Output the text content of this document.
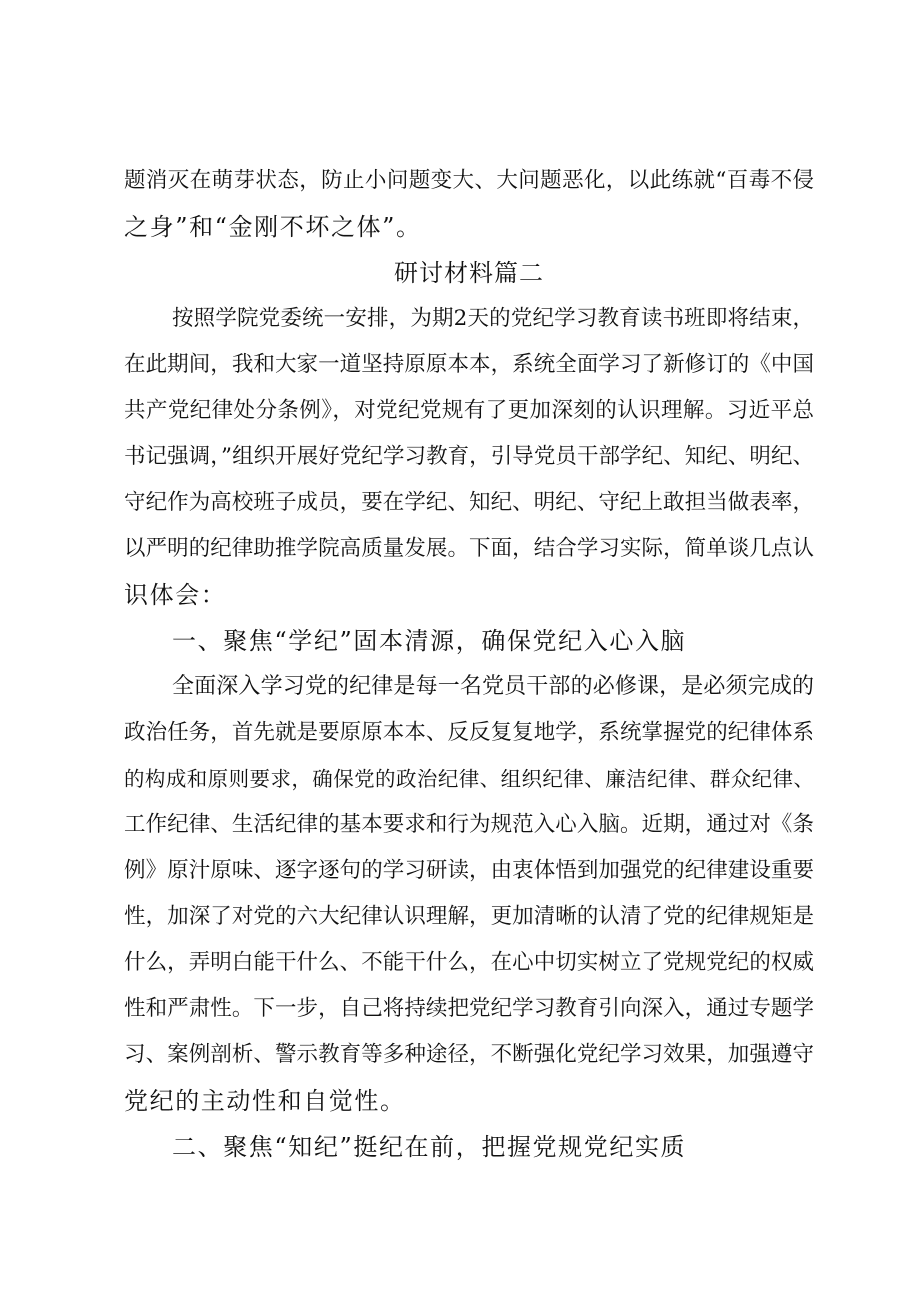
题消灭在萌芽状态，防止小问题变大、大问题恶化，以此练就“百毒不侵
之身”和“金刚不坏之体”。
研讨材料篇二
按照学院党委统一安排，为期2天的党纪学习教育读书班即将结束，
在此期间，我和大家一道坚持原原本本，系统全面学习了新修订的《中国
共产党纪律处分条例》，对党纪党规有了更加深刻的认识理解。习近平总
书记强调，”组织开展好党纪学习教育，引导党员干部学纪、知纪、明纪、
守纪作为高校班子成员，要在学纪、知纪、明纪、守纪上敢担当做表率，
以严明的纪律助推学院高质量发展。下面，结合学习实际，简单谈几点认
识体会：
一、聚焦“学纪”固本清源，确保党纪入心入脑
全面深入学习党的纪律是每一名党员干部的必修课，是必须完成的
政治任务，首先就是要原原本本、反反复复地学，系统掌握党的纪律体系
的构成和原则要求，确保党的政治纪律、组织纪律、廉洁纪律、群众纪律、
工作纪律、生活纪律的基本要求和行为规范入心入脑。近期，通过对《条
例》原汁原味、逐字逐句的学习研读，由衷体悟到加强党的纪律建设重要
性，加深了对党的六大纪律认识理解，更加清晰的认清了党的纪律规矩是
什么，弄明白能干什么、不能干什么，在心中切实树立了党规党纪的权威
性和严肃性。下一步，自己将持续把党纪学习教育引向深入，通过专题学
习、案例剖析、警示教育等多种途径，不断强化党纪学习效果，加强遵守
党纪的主动性和自觉性。
二、聚焦“知纪”挺纪在前，把握党规党纪实质
